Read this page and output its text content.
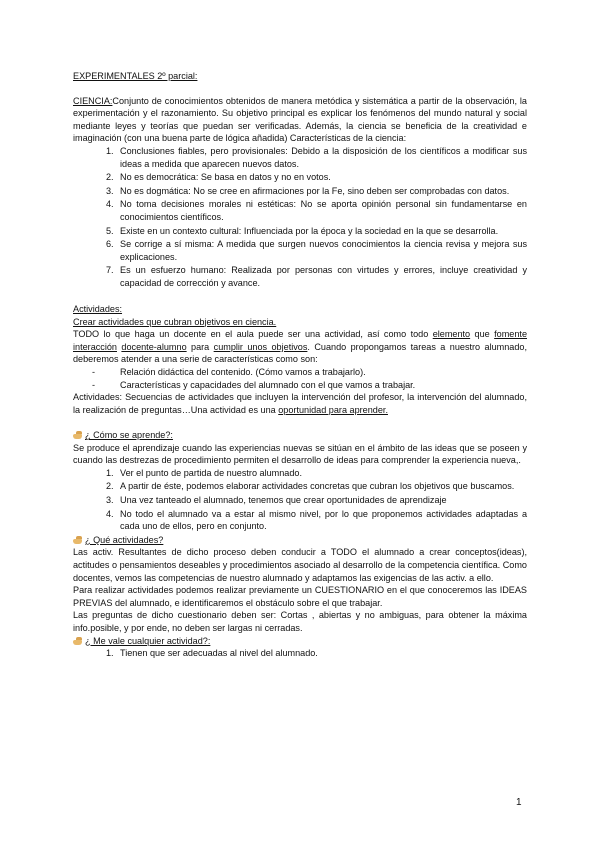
EXPERIMENTALES 2º parcial:

CIENCIA:Conjunto de conocimientos obtenidos de manera metódica y sistemática a partir de la observación, la experimentación y el razonamiento. Su objetivo principal es explicar los fenómenos del mundo natural y social mediante leyes y teorías que puedan ser verificadas. Además, la ciencia se beneficia de la creatividad e imaginación (con una buena parte de lógica añadida) Características de la ciencia:

1. Conclusiones fiables, pero provisionales: Debido a la disposición de los científicos a modificar sus ideas a medida que aparecen nuevos datos.
2. No es democrática: Se basa en datos y no en votos.
3. No es dogmática: No se cree en afirmaciones por la Fe, sino deben ser comprobadas con datos.
4. No toma decisiones morales ni estéticas: No se aporta opinión personal sin fundamentarse en conocimientos científicos.
5. Existe en un contexto cultural: Influenciada por la época y la sociedad en la que se desarrolla.
6. Se corrige a sí misma: A medida que surgen nuevos conocimientos la ciencia revisa y mejora sus explicaciones.
7. Es un esfuerzo humano: Realizada por personas con virtudes y errores, incluye creatividad y capacidad de corrección y avance.

Actividades:

Crear actividades que cubran objetivos en ciencia.

TODO lo que haga un docente en el aula puede ser una actividad, así como todo elemento que fomente interacción docente-alumno para cumplir unos objetivos. Cuando propongamos tareas a nuestro alumnado, deberemos atender a una serie de características como son:

-	Relación didáctica del contenido. (Cómo vamos a trabajarlo).
-	Características y capacidades del alumnado con el que vamos a trabajar.

Actividades: Secuencias de actividades que incluyen la intervención del profesor, la intervención del alumnado, la realización de preguntas…Una actividad es una oportunidad para aprender.

¿ Cómo se aprende?:

Se produce el aprendizaje cuando las experiencias nuevas se sitúan en el ámbito de las ideas que se poseen y cuando las destrezas de procedimiento permiten el desarrollo de ideas para comprender la experiencia nueva,.

1. Ver el punto de partida de nuestro alumnado.
2. A partir de éste, podemos elaborar actividades concretas que cubran los objetivos que buscamos.
3. Una vez tanteado el alumnado, tenemos que crear oportunidades de aprendizaje
4. No todo el alumnado va a estar al mismo nivel, por lo que proponemos actividades adaptadas a cada uno de ellos, pero en conjunto.

¿ Qué actividades?

Las activ. Resultantes de dicho proceso deben conducir a TODO el alumnado a crear conceptos(ideas), actitudes o pensamientos deseables y procedimientos asociado al desarrollo de la competencia científica. Como docentes, vemos las competencias de nuestro alumnado y adaptamos las exigencias de las activ. a ello.

Para realizar actividades podemos realizar previamente un CUESTIONARIO en el que conoceremos las IDEAS PREVIAS del alumnado, e identificaremos el obstáculo sobre el que trabajar.

Las preguntas de dicho cuestionario deben ser: Cortas , abiertas y no ambiguas, para obtener la máxima info.posible, y por ende, no deben ser largas ni cerradas.

¿ Me vale cualquier actividad?:

1. Tienen que ser adecuadas al nivel del alumnado.
1
